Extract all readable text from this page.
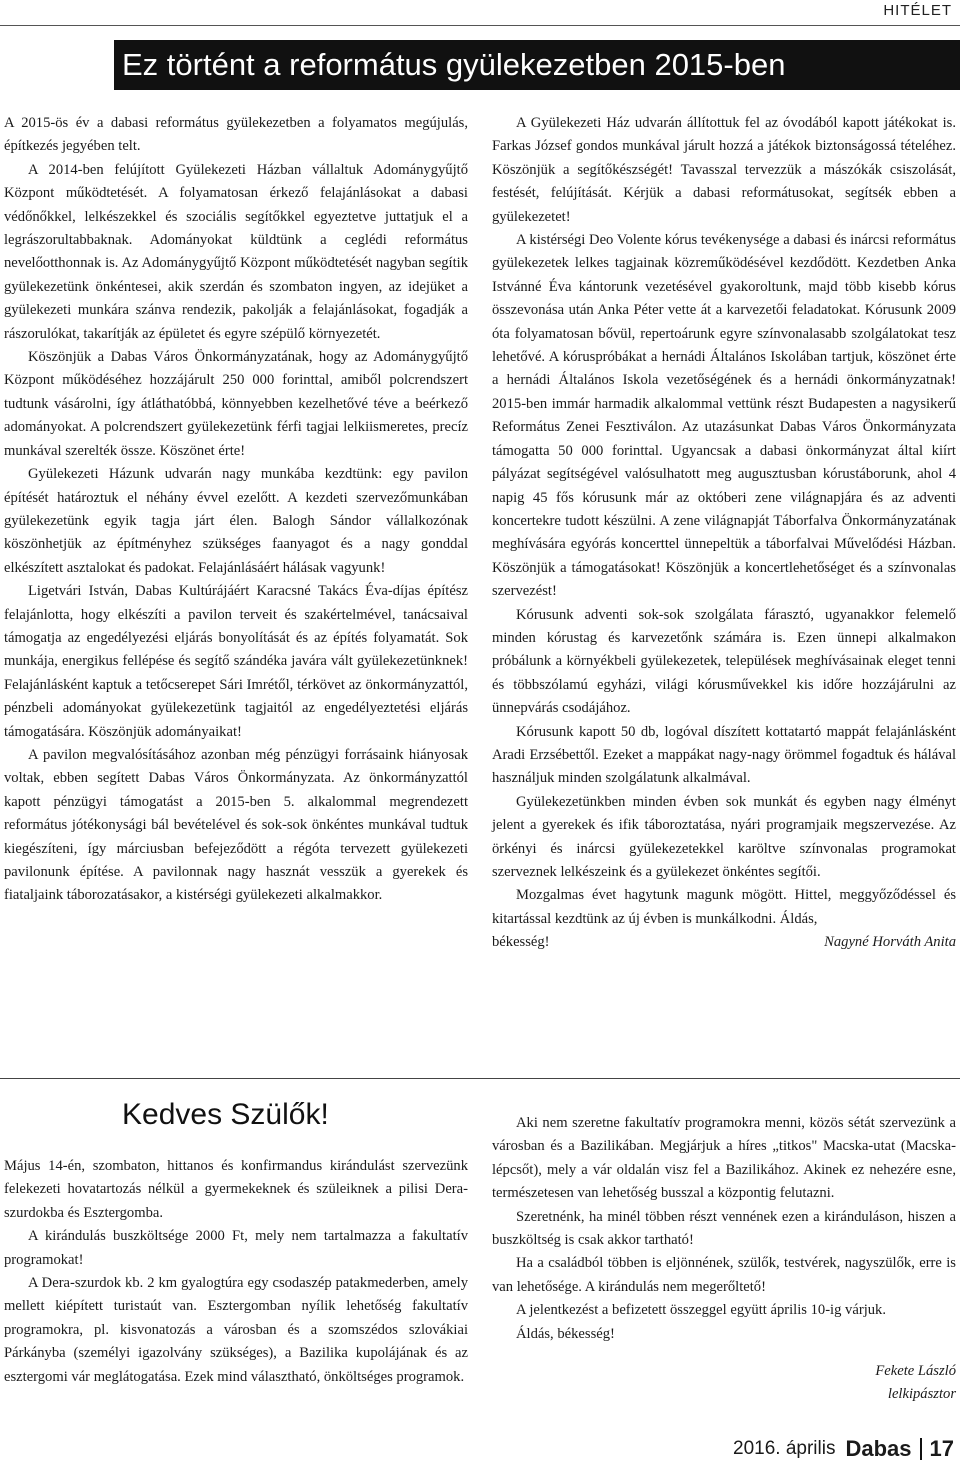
HITÉLET
Ez történt a református gyülekezetben 2015-ben

A 2015-ös év a dabasi református gyülekezetben a folyamatos megújulás, építkezés jegyében telt.

A 2014-ben felújított Gyülekezeti Házban vállaltuk Adománygyűjtő Központ működtetését. A folyamatosan érkező felajánlásokat a dabasi védőnőkkel, lelkészekkel és szociális segítőkkel egyeztetve juttatjuk el a legrászorultabbaknak. Adományokat küldtünk a ceglédi református nevelőotthonnak is. Az Adománygyűjtő Központ működtetését nagyban segítik gyülekezetünk önkéntesei, akik szerdán és szombaton ingyen, az idejüket a gyülekezeti munkára szánva rendezik, pakolják a felajánlásokat, fogadják a rászorulókat, takarítják az épületet és egyre szépülő környezetét.

Köszönjük a Dabas Város Önkormányzatának, hogy az Adománygyűjtő Központ működéséhez hozzájárult 250 000 forinttal, amiből polcrendszert tudtunk vásárolni, így átláthatóbbá, könnyebben kezelhetővé téve a beérkező adományokat. A polcrendszert gyülekezetünk férfi tagjai lelkiismeretes, precíz munkával szerelték össze. Köszönet érte!

Gyülekezeti Házunk udvarán nagy munkába kezdtünk: egy pavilon építését határoztuk el néhány évvel ezelőtt. A kezdeti szervezőmunkában gyülekezetünk egyik tagja járt élen. Balogh Sándor vállalkozónak köszönhetjük az építményhez szükséges faanyagot és a nagy gonddal elkészített asztalokat és padokat. Felajánlásáért hálásak vagyunk!

Ligetvári István, Dabas Kultúrájáért Karacsné Takács Éva-díjas építész felajánlotta, hogy elkészíti a pavilon terveit és szakértelmével, tanácsaival támogatja az engedélyezési eljárás bonyolítását és az építés folyamatát. Sok munkája, energikus fellépése és segítő szándéka javára vált gyülekezetünknek! Felajánlásként kaptuk a tetőcserepet Sári Imrétől, térkövet az önkormányzattól, pénzbeli adományokat gyülekezetünk tagjaitól az engedélyeztetési eljárás támogatására. Köszönjük adományaikat!

A pavilon megvalósításához azonban még pénzügyi forrásaink hiányosak voltak, ebben segített Dabas Város Önkormányzata. Az önkormányzattól kapott pénzügyi támogatást a 2015-ben 5. alkalommal megrendezett református jótékonysági bál bevételével és sok-sok önkéntes munkával tudtuk kiegészíteni, így márciusban befejeződött a régóta tervezett gyülekezeti pavilonunk építése. A pavilonnak nagy hasznát vesszük a gyerekek és fiataljaink táborozatásakor, a kistérségi gyülekezeti alkalmakkor.

A Gyülekezeti Ház udvarán állítottuk fel az óvodából kapott játékokat is. Farkas József gondos munkával járult hozzá a játékok biztonságossá tételéhez. Köszönjük a segítőkészségét! Tavasszal tervezzük a mászókák csiszolását, festését, felújítását. Kérjük a dabasi reformátusokat, segítsék ebben a gyülekezetet!

A kistérségi Deo Volente kórus tevékenysége a dabasi és inárcsi református gyülekezetek lelkes tagjainak közreműködésével kezdődött. Kezdetben Anka Istvánné Éva kántorunk vezetésével gyakoroltunk, majd több kisebb kórus összevonása után Anka Péter vette át a karvezetői feladatokat. Kórusunk 2009 óta folyamatosan bővül, repertoárunk egyre színvonalasabb szolgálatokat tesz lehetővé. A kóruspróbákat a hernádi Általános Iskolában tartjuk, köszönet érte a hernádi Általános Iskola vezetőségének és a hernádi önkormányzatnak! 2015-ben immár harmadik alkalommal vettünk részt Budapesten a nagysikerű Református Zenei Fesztiválon. Az utazásunkat Dabas Város Önkormányzata támogatta 50 000 forinttal. Ugyancsak a dabasi önkormányzat által kiírt pályázat segítségével valósulhatott meg augusztusban kórustáborunk, ahol 4 napig 45 fős kórusunk már az októberi zene világnapjára és az adventi koncertekre tudott készülni. A zene világnapját Táborfalva Önkormányzatának meghívására egyórás koncerttel ünnepeltük a táborfalvai Művelődési Házban. Köszönjük a támogatásokat! Köszönjük a koncertlehetőséget és a színvonalas szervezést!

Kórusunk adventi sok-sok szolgálata fárasztó, ugyanakkor felemelő minden kórustag és karvezetőnk számára is. Ezen ünnepi alkalmakon próbálunk a környékbeli gyülekezetek, települések meghívásainak eleget tenni és többszólamú egyházi, világi kórusművekkel kis időre hozzájárulni az ünnepvárás csodájához.

Kórusunk kapott 50 db, logóval díszített kottatartó mappát felajánlásként Aradi Erzsébettől. Ezeket a mappákat nagy-nagy örömmel fogadtuk és hálával használjuk minden szolgálatunk alkalmával.

Gyülekezetünkben minden évben sok munkát és egyben nagy élményt jelent a gyerekek és ifik táboroztatása, nyári programjaik megszervezése. Az örkényi és inárcsi gyülekezetekkel karöltve színvonalas programokat szerveznek lelkészeink és a gyülekezet önkéntes segítői.

Mozgalmas évet hagytunk magunk mögött. Hittel, meggyőződéssel és kitartással kezdtünk az új évben is munkálkodni. Áldás,

békesség!	Nagyné Horváth Anita

Kedves Szülők!

Május 14-én, szombaton, hittanos és konfirmandus kirándulást szervezünk felekezeti hovatartozás nélkül a gyermekeknek és szüleiknek a pilisi Dera-szurdokba és Esztergomba.

A kirándulás buszköltsége 2000 Ft, mely nem tartalmazza a fakultatív programokat!

A Dera-szurdok kb. 2 km gyalogtúra egy csodaszép patakmederben, amely mellett kiépített turistaút van. Esztergomban nyílik lehetőség fakultatív programokra, pl. kisvonatozás a városban és a szomszédos szlovákiai Párkányba (személyi igazolvány szükséges), a Bazilika kupolájának és az esztergomi vár meglátogatása. Ezek mind választható, önköltséges programok.

Aki nem szeretne fakultatív programokra menni, közös sétát szervezünk a városban és a Bazilikában. Megjárjuk a híres „titkos" Macska-utat (Macska-lépcsőt), mely a vár oldalán visz fel a Bazilikához. Akinek ez nehezére esne, természetesen van lehetőség busszal a központig felutazni.

Szeretnénk, ha minél többen részt vennének ezen a kiránduláson, hiszen a buszköltség is csak akkor tartható!

Ha a családból többen is eljönnének, szülők, testvérek, nagyszülők, erre is van lehetősége. A kirándulás nem megerőltető!

A jelentkezést a befizetett összeggel együtt április 10-ig várjuk.

Áldás, békesség!

Fekete László
lelkipásztor

2016. április Dabas 17
